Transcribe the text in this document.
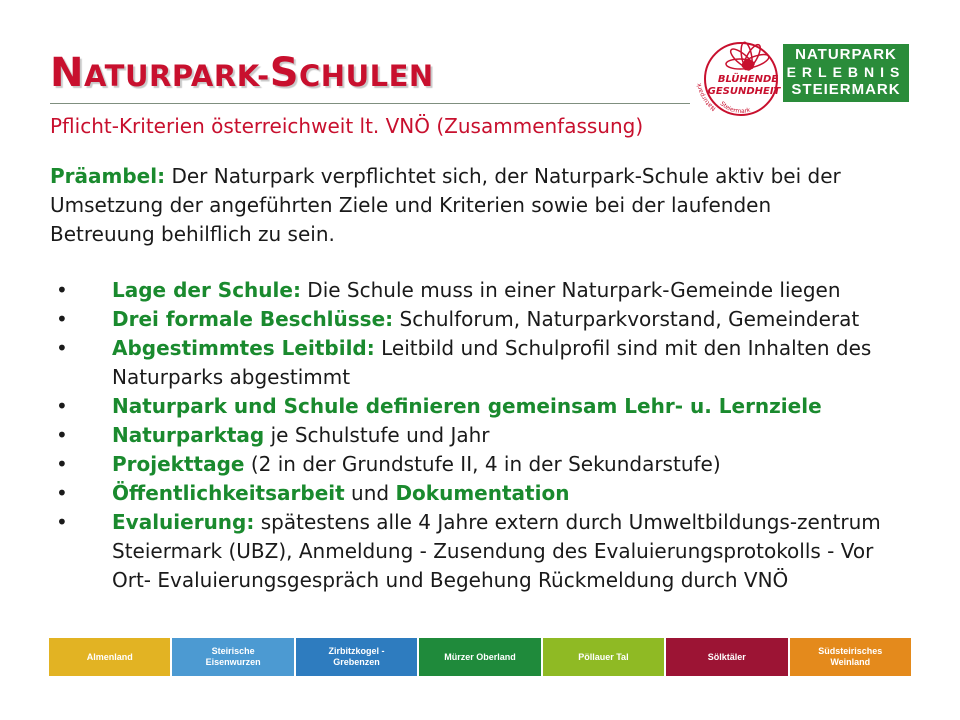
NATURPARK-SCHULEN
Pflicht-Kriterien österreichweit lt. VNÖ (Zusammenfassung)
Naturpark
Steiermark
BLÜHENDE
GESUNDHEIT
NATURPARK
ERLEBNIS
STEIERMARK

Präambel: Der Naturpark verpflichtet sich, der Naturpark-Schule aktiv bei der Umsetzung der angeführten Ziele und Kriterien sowie bei der laufenden Betreuung behilflich zu sein.

• Lage der Schule: Die Schule muss in einer Naturpark-Gemeinde liegen
• Drei formale Beschlüsse: Schulforum, Naturparkvorstand, Gemeinderat
• Abgestimmtes Leitbild: Leitbild und Schulprofil sind mit den Inhalten des Naturparks abgestimmt
• Naturpark und Schule definieren gemeinsam Lehr- u. Lernziele
• Naturparktag je Schulstufe und Jahr
• Projekttage (2 in der Grundstufe II, 4 in der Sekundarstufe)
• Öffentlichkeitsarbeit und Dokumentation
• Evaluierung: spätestens alle 4 Jahre extern durch Umweltbildungs-zentrum Steiermark (UBZ), Anmeldung - Zusendung des Evaluierungsprotokolls - Vor Ort- Evaluierungsgespräch und Begehung Rückmeldung durch VNÖ
Almenland
Steirische
Eisenwurzen
Zirbitzkogel -
Grebenzen
Mürzer Oberland	Pöllauer Tal	Sölktäler
Südsteirisches
Weinland
